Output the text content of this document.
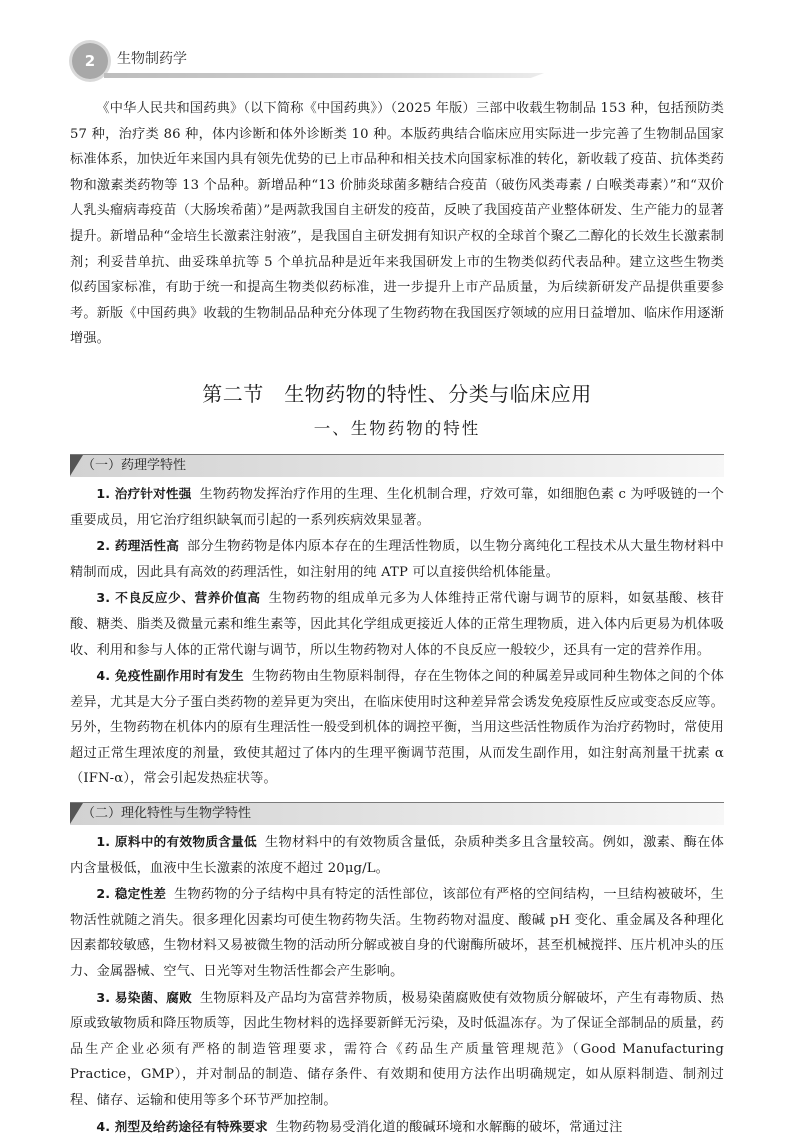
2	生物制药学

《中华人民共和国药典》（以下简称《中国药典》）（2025 年版）三部中收载生物制品 153 种，包括预防类 57 种，治疗类 86 种，体内诊断和体外诊断类 10 种。本版药典结合临床应用实际进一步完善了生物制品国家标准体系，加快近年来国内具有领先优势的已上市品种和相关技术向国家标准的转化，新收载了疫苗、抗体类药物和激素类药物等 13 个品种。新增品种“13 价肺炎球菌多糖结合疫苗（破伤风类毒素 / 白喉类毒素）”和“双价人乳头瘤病毒疫苗（大肠埃希菌）”是两款我国自主研发的疫苗，反映了我国疫苗产业整体研发、生产能力的显著提升。新增品种“金培生长激素注射液”，是我国自主研发拥有知识产权的全球首个聚乙二醇化的长效生长激素制剂；利妥昔单抗、曲妥珠单抗等 5 个单抗品种是近年来我国研发上市的生物类似药代表品种。建立这些生物类似药国家标准，有助于统一和提高生物类似药标准，进一步提升上市产品质量，为后续新研发产品提供重要参考。新版《中国药典》收载的生物制品品种充分体现了生物药物在我国医疗领域的应用日益增加、临床作用逐渐增强。

第二节　生物药物的特性、分类与临床应用
一、生物药物的特性
（一）药理学特性

1. 治疗针对性强 生物药物发挥治疗作用的生理、生化机制合理，疗效可靠，如细胞色素 c 为呼吸链的一个重要成员，用它治疗组织缺氧而引起的一系列疾病效果显著。

2. 药理活性高 部分生物药物是体内原本存在的生理活性物质，以生物分离纯化工程技术从大量生物材料中精制而成，因此具有高效的药理活性，如注射用的纯 ATP 可以直接供给机体能量。

3. 不良反应少、营养价值高 生物药物的组成单元多为人体维持正常代谢与调节的原料，如氨基酸、核苷酸、糖类、脂类及微量元素和维生素等，因此其化学组成更接近人体的正常生理物质，进入体内后更易为机体吸收、利用和参与人体的正常代谢与调节，所以生物药物对人体的不良反应一般较少，还具有一定的营养作用。

4. 免疫性副作用时有发生 生物药物由生物原料制得，存在生物体之间的种属差异或同种生物体之间的个体差异，尤其是大分子蛋白类药物的差异更为突出，在临床使用时这种差异常会诱发免疫原性反应或变态反应等。另外，生物药物在机体内的原有生理活性一般受到机体的调控平衡，当用这些活性物质作为治疗药物时，常使用超过正常生理浓度的剂量，致使其超过了体内的生理平衡调节范围，从而发生副作用，如注射高剂量干扰素 α（IFN-α），常会引起发热症状等。

（二）理化特性与生物学特性

1. 原料中的有效物质含量低 生物材料中的有效物质含量低，杂质种类多且含量较高。例如，激素、酶在体内含量极低，血液中生长激素的浓度不超过 20μg/L。

2. 稳定性差 生物药物的分子结构中具有特定的活性部位，该部位有严格的空间结构，一旦结构被破坏，生物活性就随之消失。很多理化因素均可使生物药物失活。生物药物对温度、酸碱 pH 变化、重金属及各种理化因素都较敏感，生物材料又易被微生物的活动所分解或被自身的代谢酶所破坏，甚至机械搅拌、压片机冲头的压力、金属器械、空气、日光等对生物活性都会产生影响。

3. 易染菌、腐败 生物原料及产品均为富营养物质，极易染菌腐败使有效物质分解破坏，产生有毒物质、热原或致敏物质和降压物质等，因此生物材料的选择要新鲜无污染，及时低温冻存。为了保证全部制品的质量，药品生产企业必须有严格的制造管理要求，需符合《药品生产质量管理规范》（Good Manufacturing Practice，GMP），并对制品的制造、储存条件、有效期和使用方法作出明确规定，如从原料制造、制剂过程、储存、运输和使用等多个环节严加控制。

4. 剂型及给药途径有特殊要求 生物药物易受消化道的酸碱环境和水解酶的破坏，常通过注
